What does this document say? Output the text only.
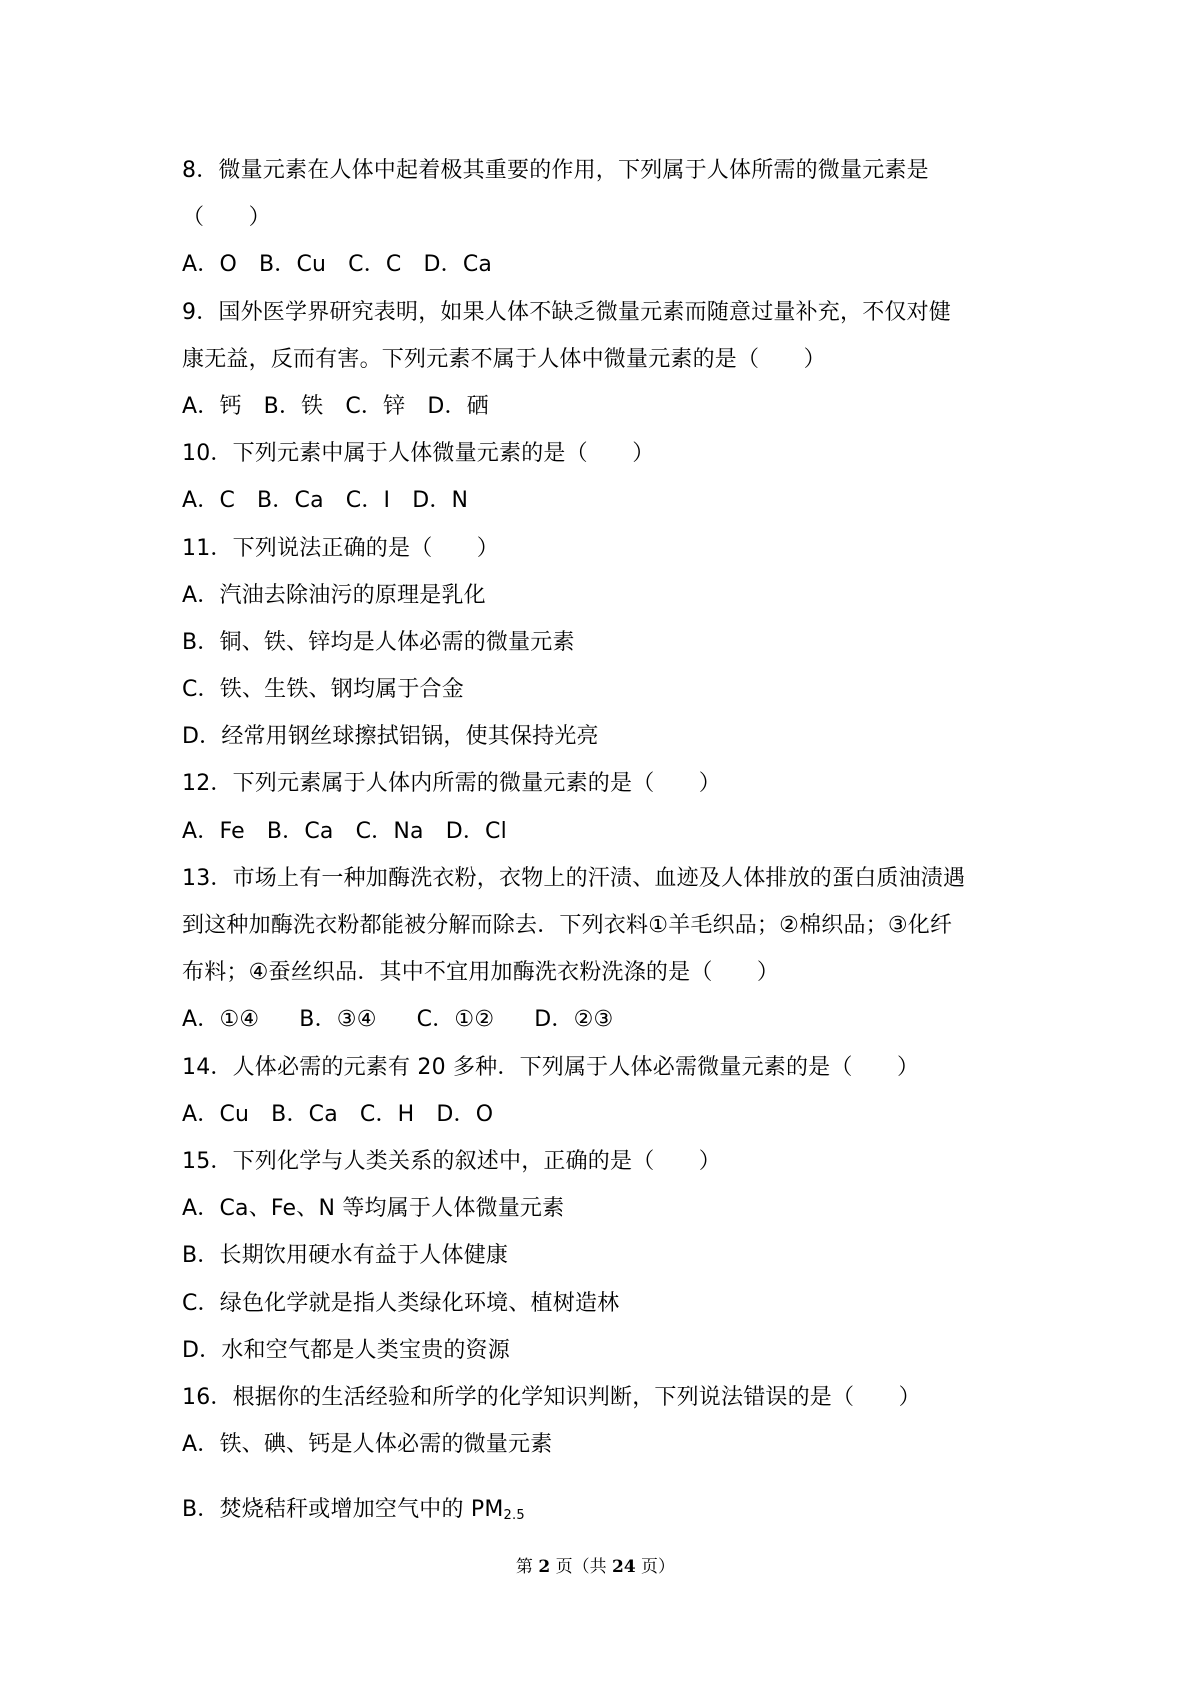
8．微量元素在人体中起着极其重要的作用，下列属于人体所需的微量元素是
（　　）
A．O B．Cu C．C D．Ca
9．国外医学界研究表明，如果人体不缺乏微量元素而随意过量补充，不仅对健
康无益，反而有害。下列元素不属于人体中微量元素的是（　　）
A．钙 B．铁 C．锌 D．硒
10．下列元素中属于人体微量元素的是（　　）
A．C B．Ca C．I D．N
11．下列说法正确的是（　　）
A．汽油去除油污的原理是乳化
B．铜、铁、锌均是人体必需的微量元素
C．铁、生铁、钢均属于合金
D．经常用钢丝球擦拭铝锅，使其保持光亮
12．下列元素属于人体内所需的微量元素的是（　　）
A．Fe B．Ca C．Na D．Cl
13．市场上有一种加酶洗衣粉，衣物上的汗渍、血迹及人体排放的蛋白质油渍遇
到这种加酶洗衣粉都能被分解而除去．下列衣料①羊毛织品；②棉织品；③化纤
布料；④蚕丝织品．其中不宜用加酶洗衣粉洗涤的是（　　）
A．①④ B．③④ C．①② D．②③
14．人体必需的元素有 20 多种．下列属于人体必需微量元素的是（　　）
A．Cu B．Ca C．H D．O
15．下列化学与人类关系的叙述中，正确的是（　　）
A．Ca、Fe、N 等均属于人体微量元素
B．长期饮用硬水有益于人体健康
C．绿色化学就是指人类绿化环境、植树造林
D．水和空气都是人类宝贵的资源
16．根据你的生活经验和所学的化学知识判断，下列说法错误的是（　　）
A．铁、碘、钙是人体必需的微量元素
B．焚烧秸秆或增加空气中的 $PM_{2.5}$
第 2 页（共 24 页）
